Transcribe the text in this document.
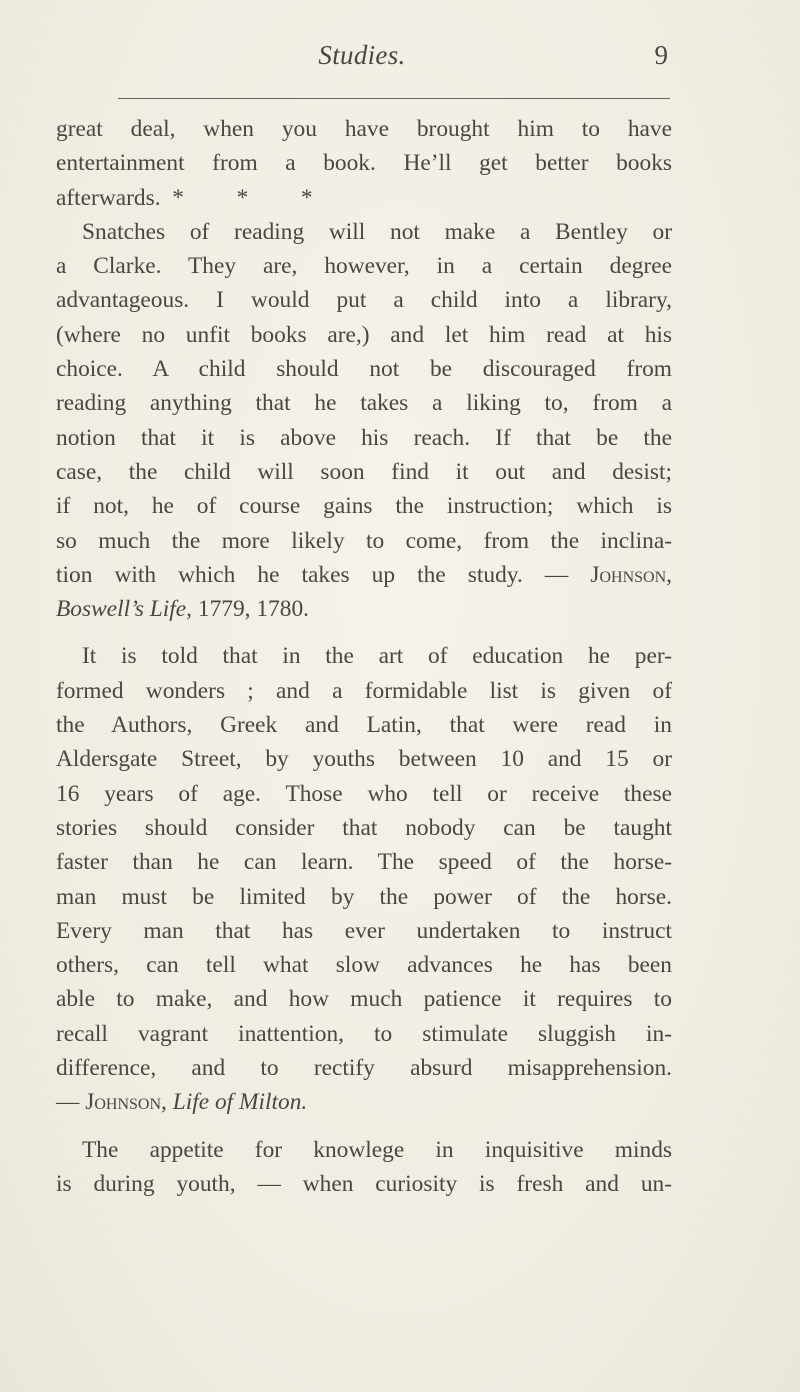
Studies.	9
great deal, when you have brought him to have
entertainment from a book. He’ll get better books
afterwards.  *         *         *
Snatches of reading will not make a Bentley or
a Clarke. They are, however, in a certain degree
advantageous. I would put a child into a library,
(where no unfit books are,) and let him read at his
choice. A child should not be discouraged from
reading anything that he takes a liking to, from a
notion that it is above his reach. If that be the
case, the child will soon find it out and desist;
if not, he of course gains the instruction; which is
so much the more likely to come, from the inclina-
tion with which he takes up the study. — Johnson,
Boswell’s Life, 1779, 1780.
It is told that in the art of education he per-
formed wonders ; and a formidable list is given of
the Authors, Greek and Latin, that were read in
Aldersgate Street, by youths between 10 and 15 or
16 years of age. Those who tell or receive these
stories should consider that nobody can be taught
faster than he can learn. The speed of the horse-
man must be limited by the power of the horse.
Every man that has ever undertaken to instruct
others, can tell what slow advances he has been
able to make, and how much patience it requires to
recall vagrant inattention, to stimulate sluggish in-
difference, and to rectify absurd misapprehension.
— Johnson, Life of Milton.
The appetite for knowlege in inquisitive minds
is during youth, — when curiosity is fresh and un-
